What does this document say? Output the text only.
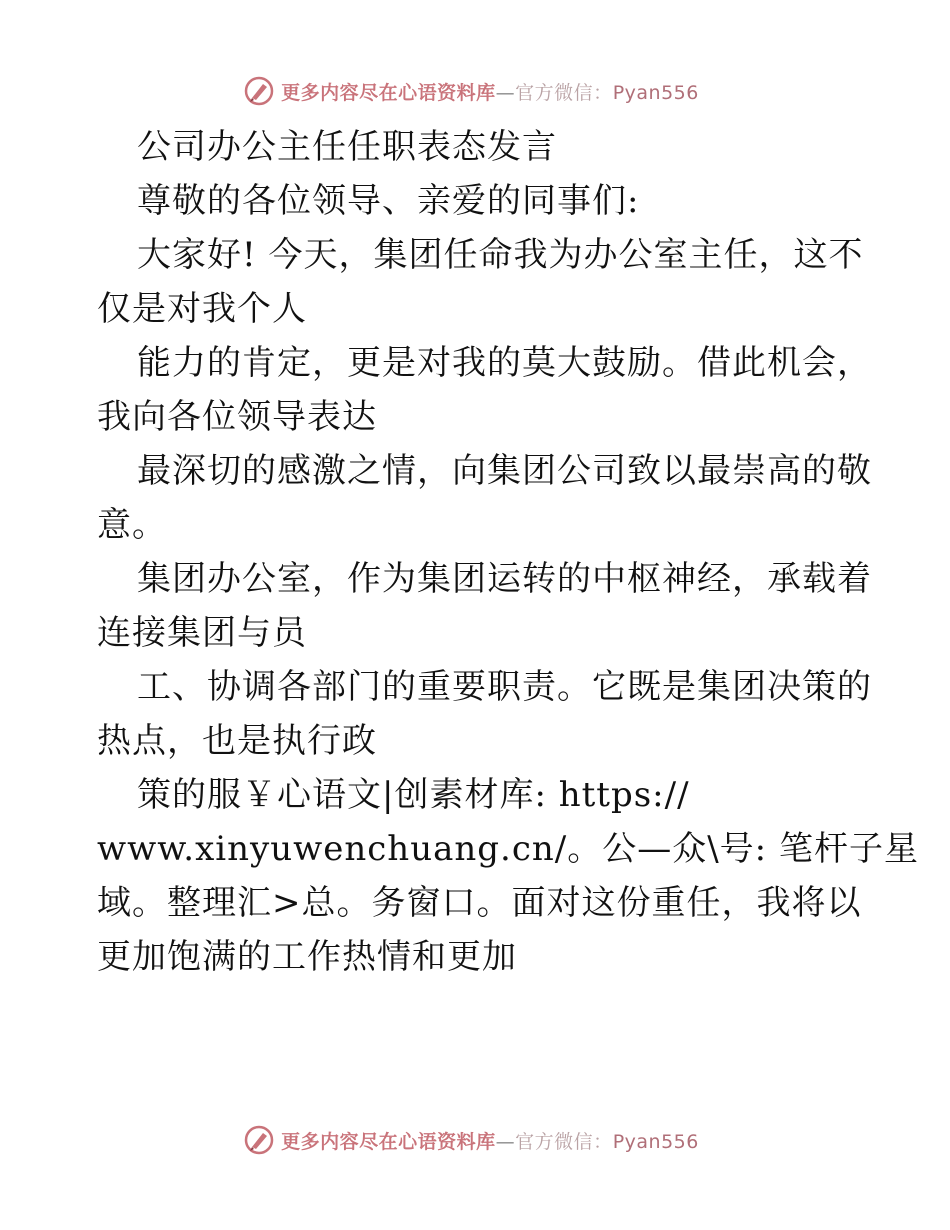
更多内容尽在心语资料库—官方微信：Pyan556
公司办公主任任职表态发言
尊敬的各位领导、亲爱的同事们:
大家好! 今天，集团任命我为办公室主任，这不
仅是对我个人
能力的肯定，更是对我的莫大鼓励。借此机会，
我向各位领导表达
最深切的感激之情，向集团公司致以最崇高的敬
意。
集团办公室，作为集团运转的中枢神经，承载着
连接集团与员
工、协调各部门的重要职责。它既是集团决策的
热点，也是执行政
策的服￥心语文|创素材库: https://
www.xinyuwenchuang.cn/。公—众\号: 笔杆子星
域。整理汇>总。务窗口。面对这份重任，我将以
更加饱满的工作热情和更加
更多内容尽在心语资料库—官方微信：Pyan556
